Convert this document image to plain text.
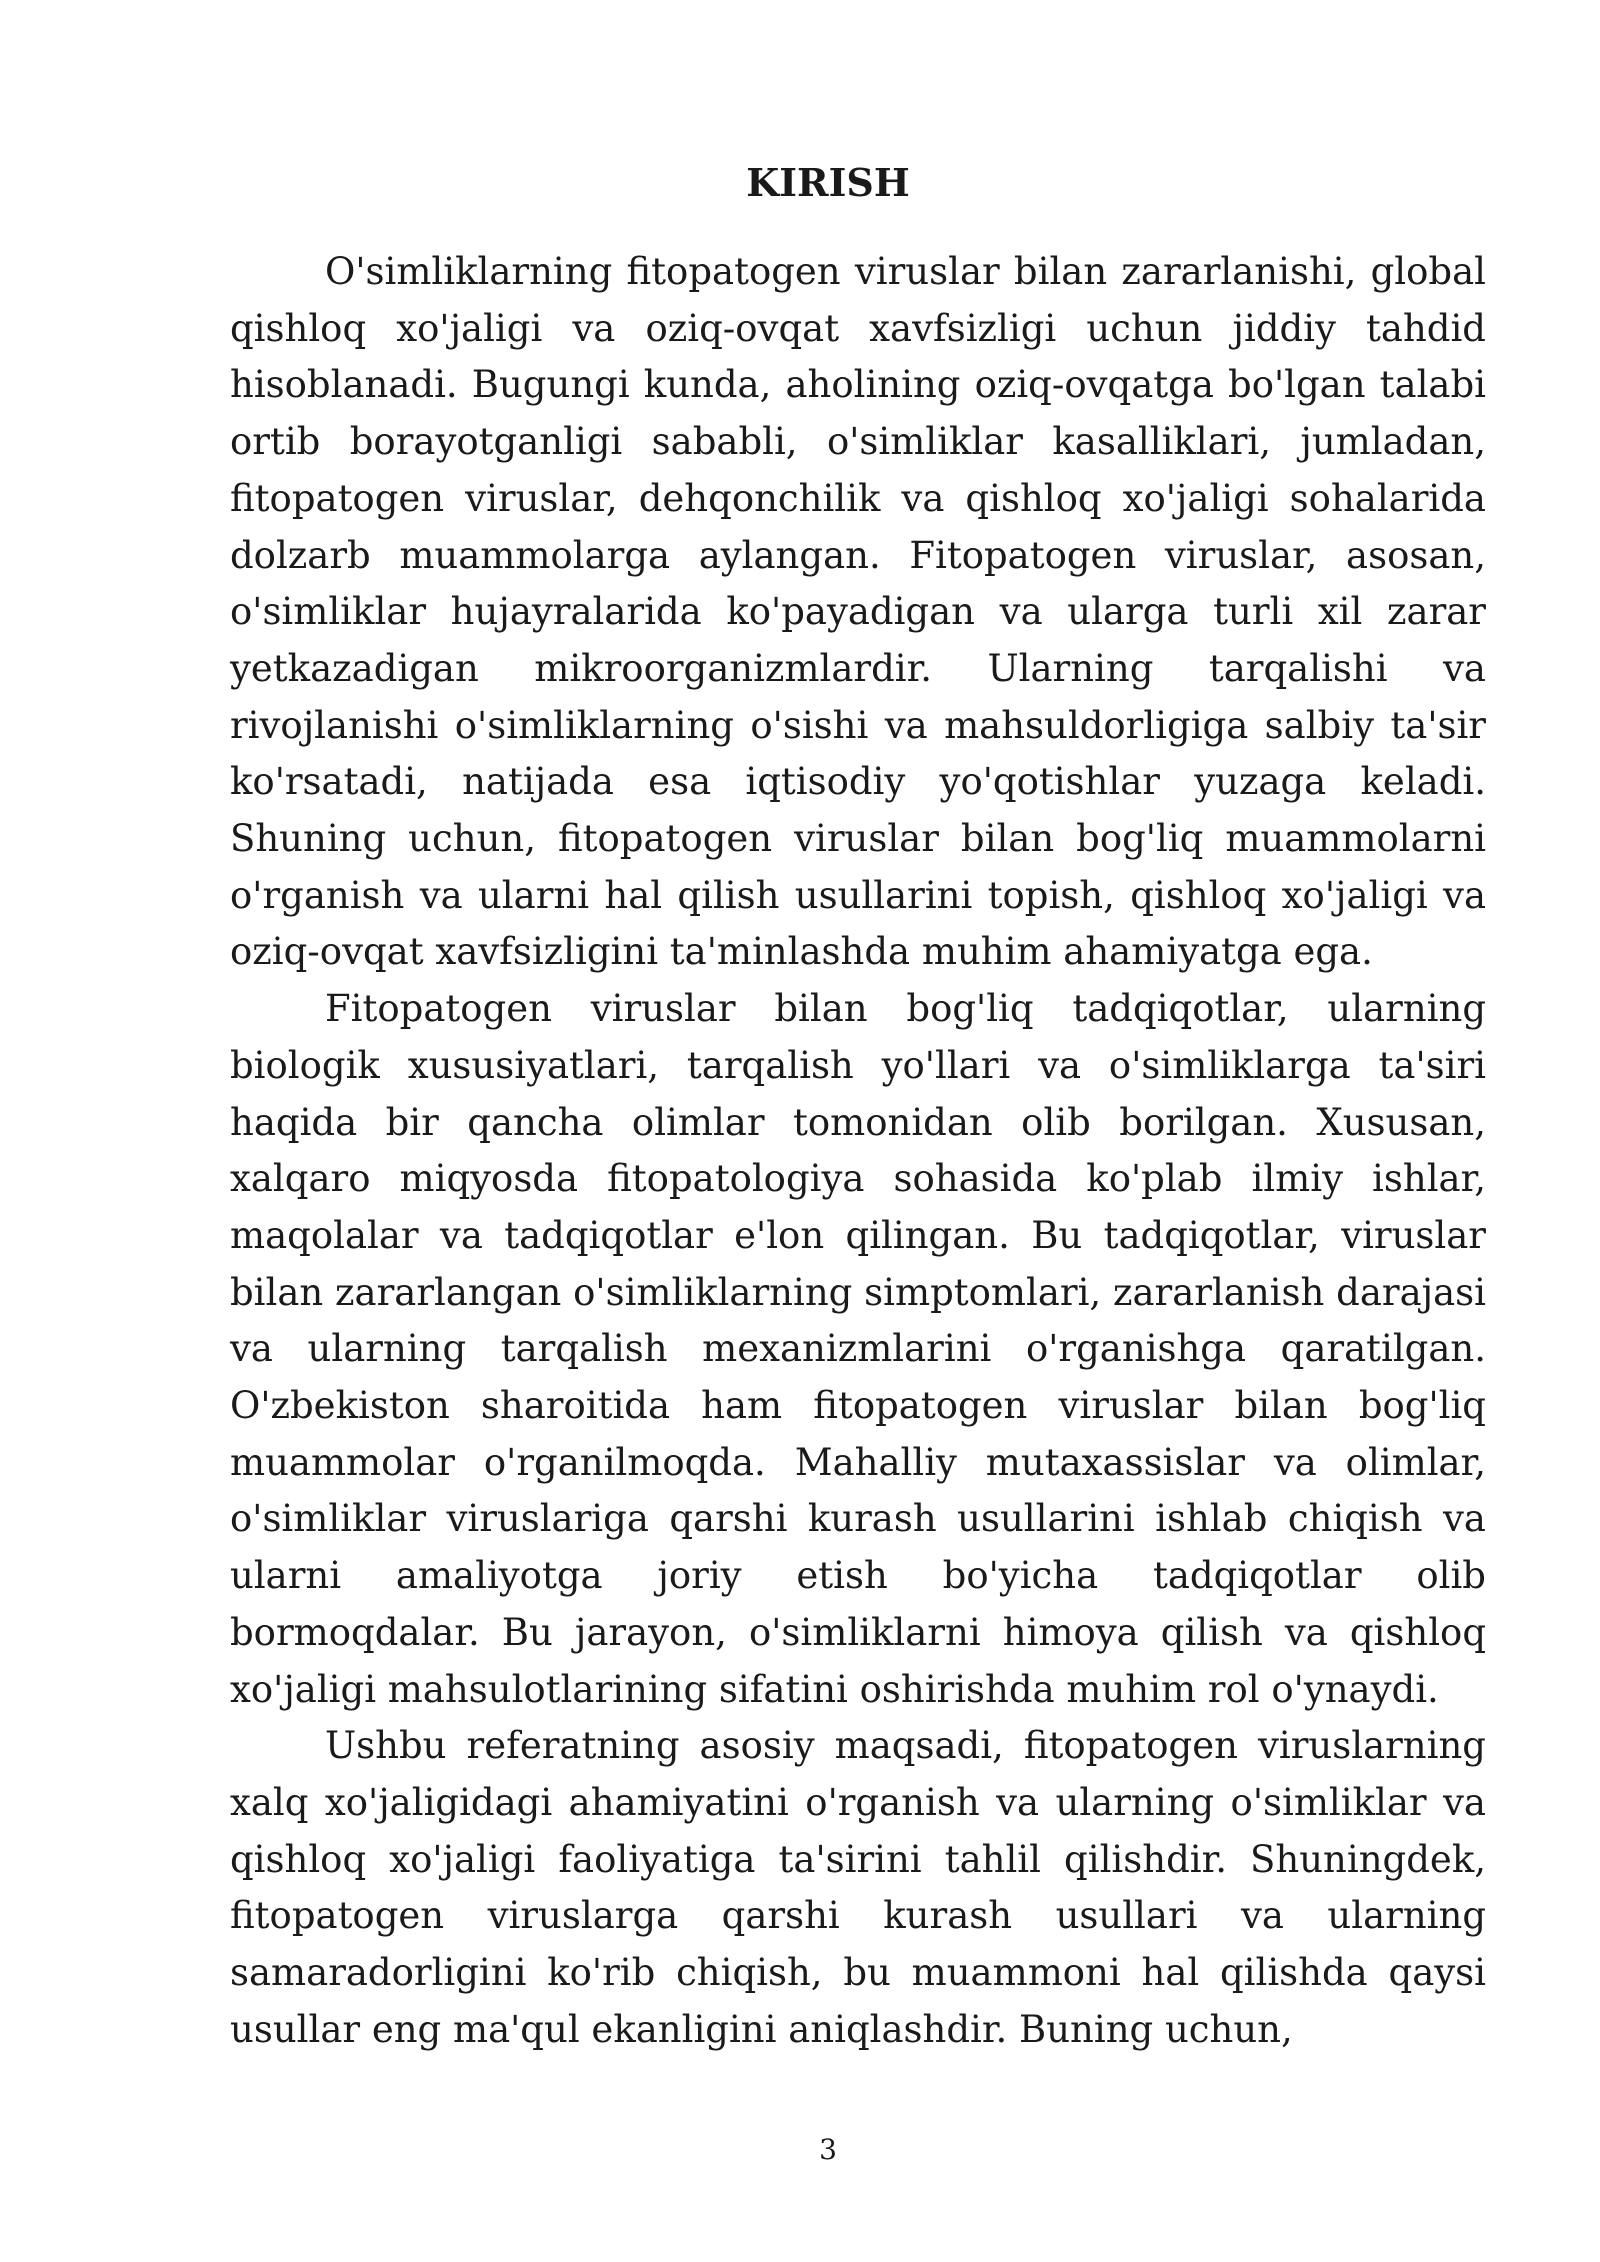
KIRISH

O'simliklarning fitopatogen viruslar bilan zararlanishi, global qishloq xo'jaligi va oziq-ovqat xavfsizligi uchun jiddiy tahdid hisoblanadi. Bugungi kunda, aholining oziq-ovqatga bo'lgan talabi ortib borayotganligi sababli, o'simliklar kasalliklari, jumladan, fitopatogen viruslar, dehqonchilik va qishloq xo'jaligi sohalarida dolzarb muammolarga aylangan. Fitopatogen viruslar, asosan, o'simliklar hujayralarida ko'payadigan va ularga turli xil zarar yetkazadigan mikroorganizmlardir. Ularning tarqalishi va rivojlanishi o'simliklarning o'sishi va mahsuldorligiga salbiy ta'sir ko'rsatadi, natijada esa iqtisodiy yo'qotishlar yuzaga keladi. Shuning uchun, fitopatogen viruslar bilan bog'liq muammolarni o'rganish va ularni hal qilish usullarini topish, qishloq xo'jaligi va oziq-ovqat xavfsizligini ta'minlashda muhim ahamiyatga ega.

Fitopatogen viruslar bilan bog'liq tadqiqotlar, ularning biologik xususiyatlari, tarqalish yo'llari va o'simliklarga ta'siri haqida bir qancha olimlar tomonidan olib borilgan. Xususan, xalqaro miqyosda fitopatologiya sohasida ko'plab ilmiy ishlar, maqolalar va tadqiqotlar e'lon qilingan. Bu tadqiqotlar, viruslar bilan zararlangan o'simliklarning simptomlari, zararlanish darajasi va ularning tarqalish mexanizmlarini o'rganishga qaratilgan. O'zbekiston sharoitida ham fitopatogen viruslar bilan bog'liq muammolar o'rganilmoqda. Mahalliy mutaxassislar va olimlar, o'simliklar viruslariga qarshi kurash usullarini ishlab chiqish va ularni amaliyotga joriy etish bo'yicha tadqiqotlar olib bormoqdalar. Bu jarayon, o'simliklarni himoya qilish va qishloq xo'jaligi mahsulotlarining sifatini oshirishda muhim rol o'ynaydi.

Ushbu referatning asosiy maqsadi, fitopatogen viruslarning xalq xo'jaligidagi ahamiyatini o'rganish va ularning o'simliklar va qishloq xo'jaligi faoliyatiga ta'sirini tahlil qilishdir. Shuningdek, fitopatogen viruslarga qarshi kurash usullari va ularning samaradorligini ko'rib chiqish, bu muammoni hal qilishda qaysi usullar eng ma'qul ekanligini aniqlashdir. Buning uchun,

3
